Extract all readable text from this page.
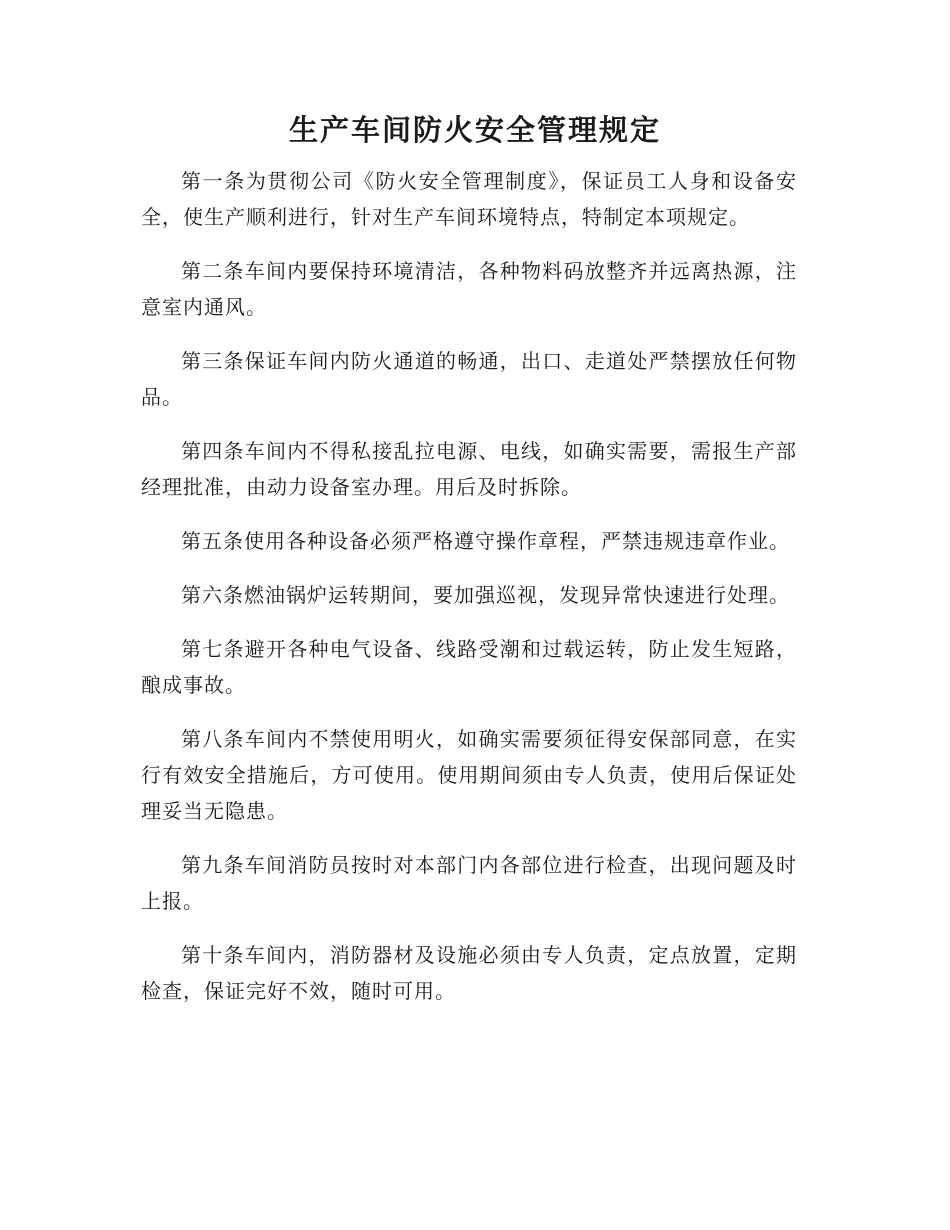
生产车间防火安全管理规定

第一条为贯彻公司《防火安全管理制度》，保证员工人身和设备安全，使生产顺利进行，针对生产车间环境特点，特制定本项规定。

第二条车间内要保持环境清洁，各种物料码放整齐并远离热源，注意室内通风。

第三条保证车间内防火通道的畅通，出口、走道处严禁摆放任何物品。

第四条车间内不得私接乱拉电源、电线，如确实需要，需报生产部经理批准，由动力设备室办理。用后及时拆除。

第五条使用各种设备必须严格遵守操作章程，严禁违规违章作业。

第六条燃油锅炉运转期间，要加强巡视，发现异常快速进行处理。

第七条避开各种电气设备、线路受潮和过载运转，防止发生短路，酿成事故。

第八条车间内不禁使用明火，如确实需要须征得安保部同意，在实行有效安全措施后，方可使用。使用期间须由专人负责，使用后保证处理妥当无隐患。

第九条车间消防员按时对本部门内各部位进行检查，出现问题及时上报。

第十条车间内，消防器材及设施必须由专人负责，定点放置，定期检查，保证完好不效，随时可用。
